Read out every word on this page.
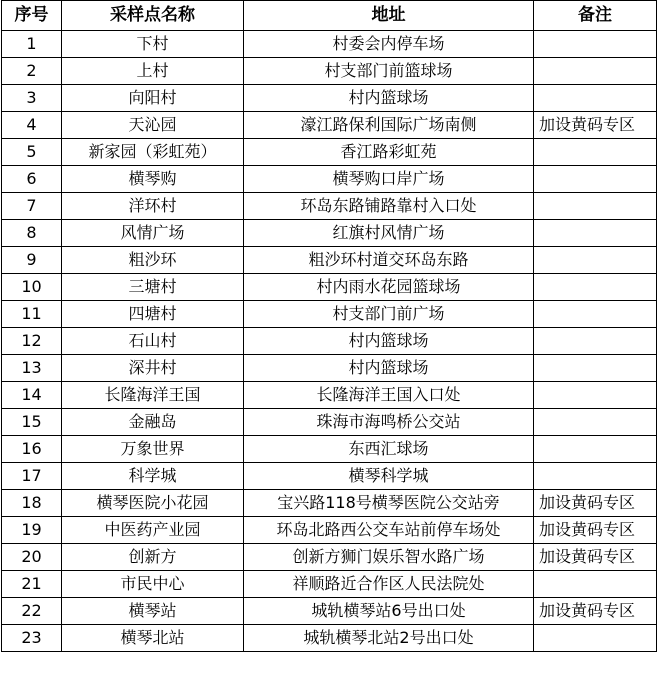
序号	采样点名称	地址	备注
1	下村	村委会内停车场	
2	上村	村支部门前篮球场	
3	向阳村	村内篮球场	
4	天沁园	濠江路保利国际广场南侧	加设黄码专区
5	新家园（彩虹苑）	香江路彩虹苑	
6	横琴购	横琴购口岸广场	
7	洋环村	环岛东路铺路靠村入口处	
8	风情广场	红旗村风情广场	
9	粗沙环	粗沙环村道交环岛东路	
10	三塘村	村内雨水花园篮球场	
11	四塘村	村支部门前广场	
12	石山村	村内篮球场	
13	深井村	村内篮球场	
14	长隆海洋王国	长隆海洋王国入口处	
15	金融岛	珠海市海鸣桥公交站	
16	万象世界	东西汇球场	
17	科学城	横琴科学城	
18	横琴医院小花园	宝兴路118号横琴医院公交站旁	加设黄码专区
19	中医药产业园	环岛北路西公交车站前停车场处	加设黄码专区
20	创新方	创新方狮门娱乐智水路广场	加设黄码专区
21	市民中心	祥顺路近合作区人民法院处	
22	横琴站	城轨横琴站6号出口处	加设黄码专区
23	横琴北站	城轨横琴北站2号出口处	
